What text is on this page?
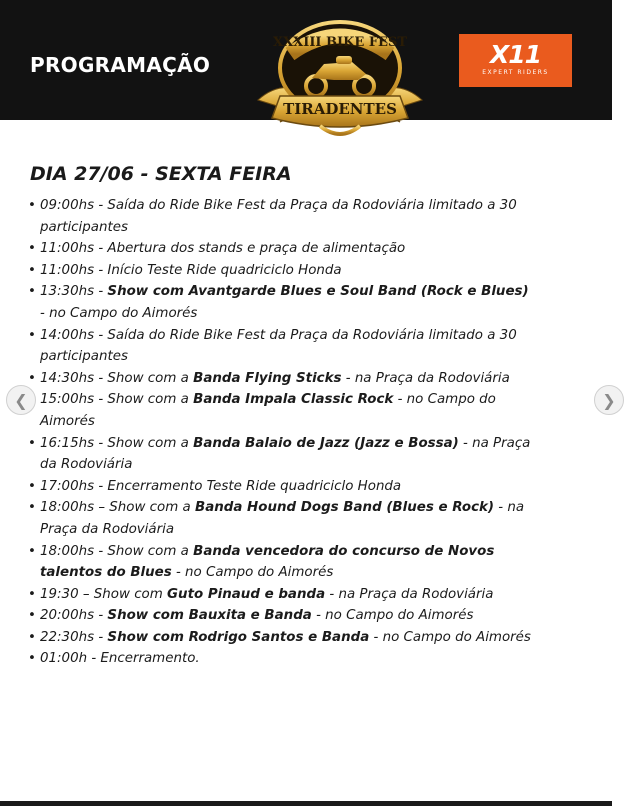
PROGRAMAÇÃO
XXXIII BIKE FEST
TIRADENTES
X11
EXPERT RIDERS
DIA 27/06 - SEXTA FEIRA
• 09:00hs - Saída do Ride Bike Fest da Praça da Rodoviária limitado a 30 participantes
• 11:00hs - Abertura dos stands e praça de alimentação
• 11:00hs - Início Teste Ride quadriciclo Honda
• 13:30hs - Show com Avantgarde Blues e Soul Band (Rock e Blues) - no Campo do Aimorés
• 14:00hs - Saída do Ride Bike Fest da Praça da Rodoviária limitado a 30 participantes
• 14:30hs - Show com a Banda Flying Sticks - na Praça da Rodoviária
• 15:00hs - Show com a Banda Impala Classic Rock - no Campo do Aimorés
• 16:15hs - Show com a Banda Balaio de Jazz (Jazz e Bossa) - na Praça da Rodoviária
• 17:00hs - Encerramento Teste Ride quadriciclo Honda
• 18:00hs – Show com a Banda Hound Dogs Band (Blues e Rock) - na Praça da Rodoviária
• 18:00hs - Show com a Banda vencedora do concurso de Novos talentos do Blues - no Campo do Aimorés
• 19:30 – Show com Guto Pinaud e banda - na Praça da Rodoviária
• 20:00hs - Show com Bauxita e Banda - no Campo do Aimorés
• 22:30hs - Show com Rodrigo Santos e Banda - no Campo do Aimorés
• 01:00h - Encerramento.
❮	❯
